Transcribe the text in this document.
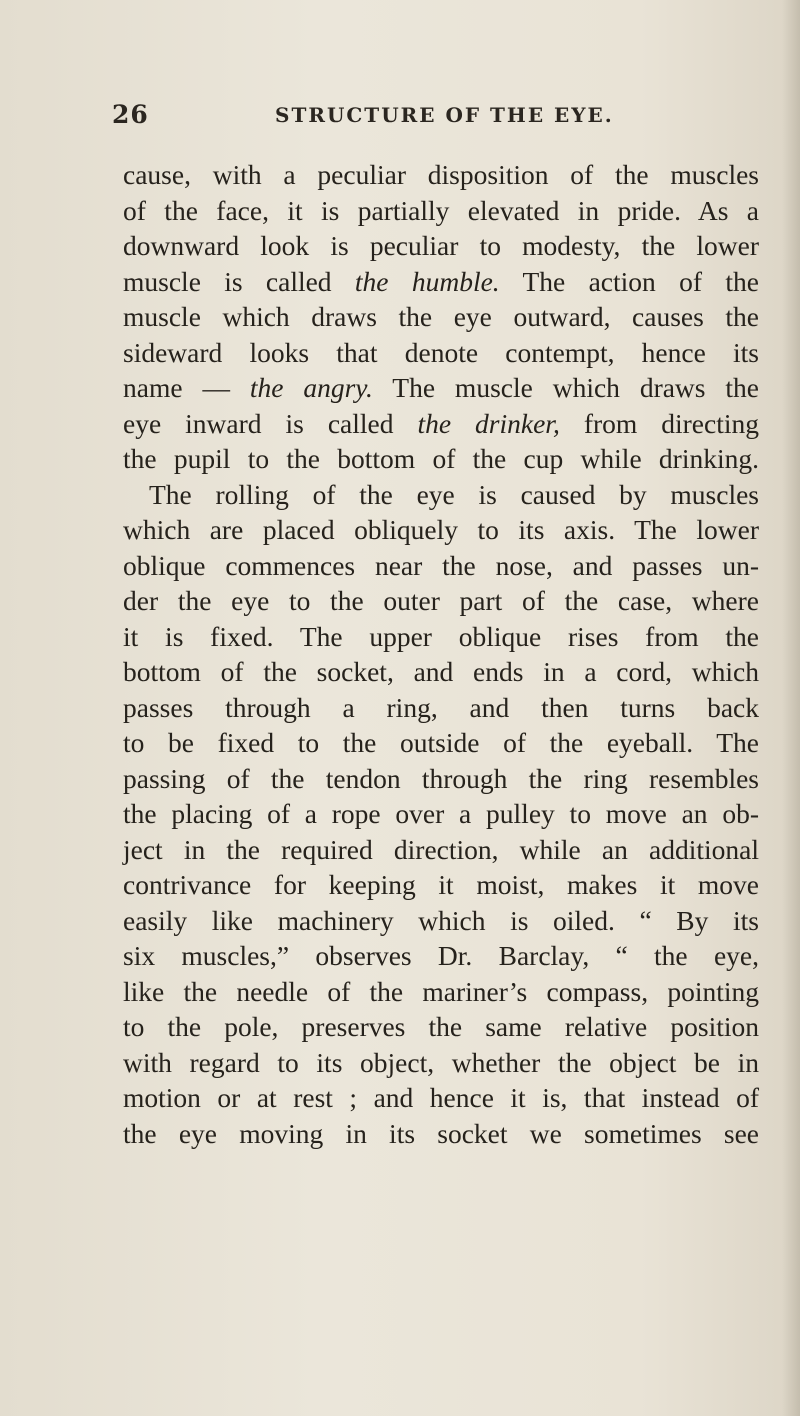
26	STRUCTURE OF THE EYE.
cause, with a peculiar disposition of the muscles
of the face, it is partially elevated in pride. As a
downward look is peculiar to modesty, the lower
muscle is called the humble. The action of the
muscle which draws the eye outward, causes the
sideward looks that denote contempt, hence its
name — the angry. The muscle which draws the
eye inward is called the drinker, from directing
the pupil to the bottom of the cup while drinking.
The rolling of the eye is caused by muscles
which are placed obliquely to its axis. The lower
oblique commences near the nose, and passes un-
der the eye to the outer part of the case, where
it is fixed. The upper oblique rises from the
bottom of the socket, and ends in a cord, which
passes through a ring, and then turns back
to be fixed to the outside of the eyeball. The
passing of the tendon through the ring resembles
the placing of a rope over a pulley to move an ob-
ject in the required direction, while an additional
contrivance for keeping it moist, makes it move
easily like machinery which is oiled. “ By its
six muscles,” observes Dr. Barclay, “ the eye,
like the needle of the mariner’s compass, pointing
to the pole, preserves the same relative position
with regard to its object, whether the object be in
motion or at rest ; and hence it is, that instead of
the eye moving in its socket we sometimes see
